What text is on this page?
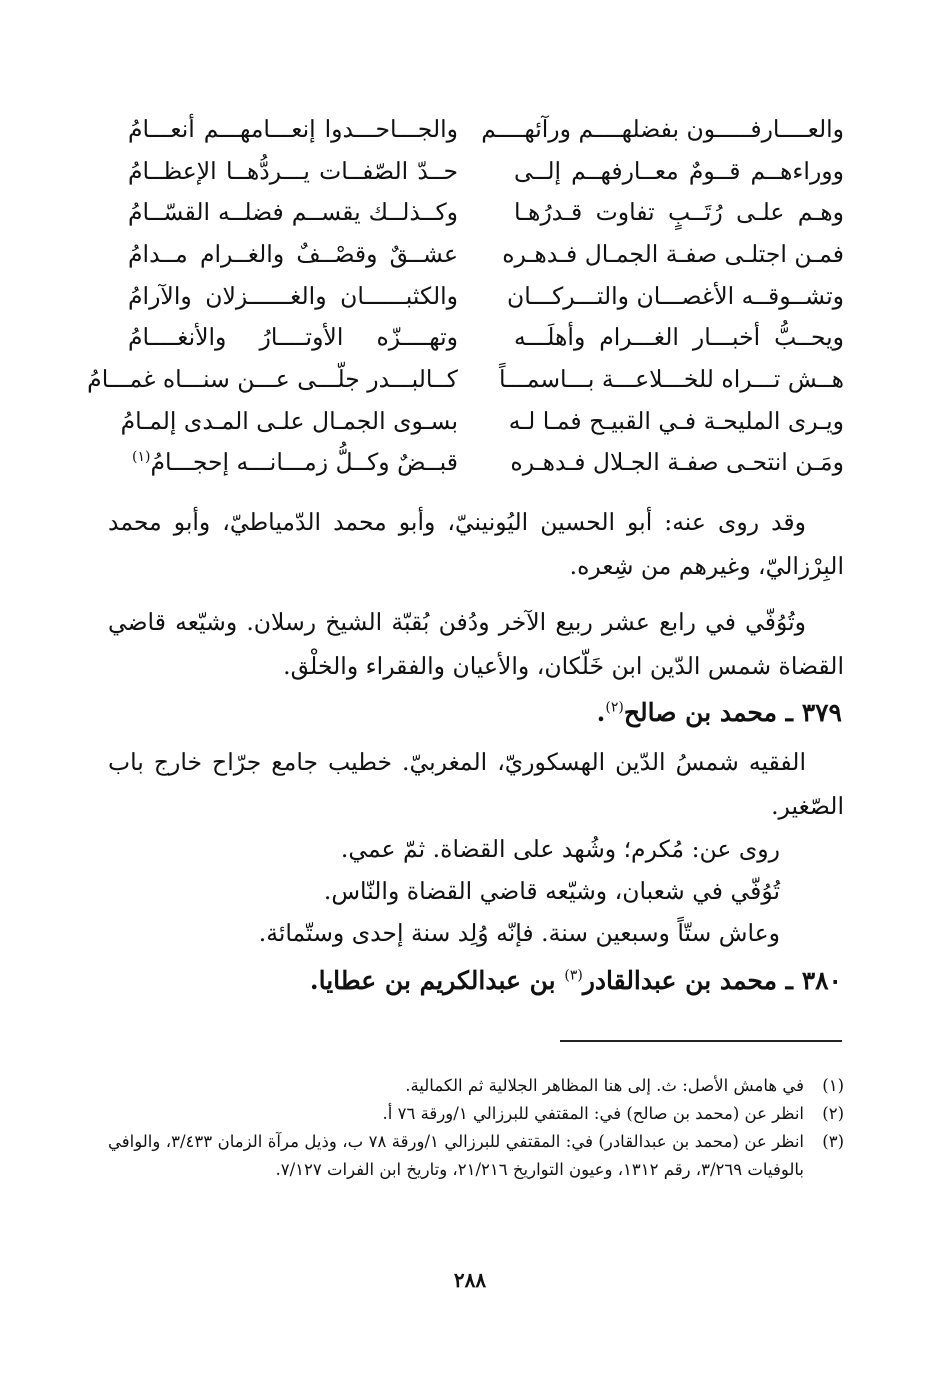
والعــــارفـــــون بفضلهــــم ورآئهــــم
والجـــاحـــدوا إنعـــامهـــم أنعـــامُ
ووراءهــم قــومٌ معــارفهــم إلــى
حــدّ الصّفــات يـــردُّهــا الإعظــامُ
وهـم علـى رُتَــبٍ تفاوت قـدرُهـا
وكــذلــك يقســم فضلــه القسّــامُ
فمـن اجتلـى صفـة الجمـال فـدهـره
عشــقٌ وقصْــفٌ والغــرام مــدامُ
وتشــوقــه الأغصـــان والتـــركـــان
والكثبــــــان والغــــــزلان والآرامُ
ويحــبُّ أخبـــار الغـــرام وأهلَـــه
وتهــــزّه الأوتــــارُ والأنغــــامُ
هــش تـــراه للخـــلاعـــة بـــاسمـــاً
كــالبـــدر جلّـــى عـــن سنـــاه غمـــامُ
ويـرى المليحـة فـي القبيـح فمـا لـه
بسـوى الجمـال علـى المـدى إلمـامُ
ومَـن انتحـى صفـة الجـلال فـدهـره
قبــضٌ وكــلُّ زمـــانـــه إحجـــامُ$^{(١)}$
وقد روى عنه: أبو الحسين اليُونينيّ، وأبو محمد الدّمياطيّ، وأبو محمد البِرْزاليّ، وغيرهم من شِعره.
وتُوُفّي في رابع عشر ربيع الآخر ودُفن بُقبّة الشيخ رسلان. وشيّعه قاضي القضاة شمس الدّين ابن خَلّكان، والأعيان والفقراء والخلْق.
٣٧٩ ـ محمد بن صالح$^{(٢)}$.
الفقيه شمسُ الدّين الهسكوريّ، المغربيّ. خطيب جامع جرّاح خارج باب الصّغير.
روى عن: مُكرم؛ وشُهد على القضاة. ثمّ عمي.
تُوُفّي في شعبان، وشيّعه قاضي القضاة والنّاس.
وعاش ستّاً وسبعين سنة. فإنّه وُلِد سنة إحدى وستّمائة.
٣٨٠ ـ محمد بن عبدالقادر$^{(٣)}$ بن عبدالكريم بن عطايا.
(١)
في هامش الأصل: ث. إلى هنا المظاهر الجلالية ثم الكمالية.
(٢)
انظر عن (محمد بن صالح) في: المقتفي للبرزالي ١/ورقة ٧٦ أ.
(٣)
انظر عن (محمد بن عبدالقادر) في: المقتفي للبرزالي ١/ورقة ٧٨ ب، وذيل مرآة الزمان ٣/٤٣٣، والوافي بالوفيات ٣/٢٦٩، رقم ١٣١٢، وعيون التواريخ ٢١/٢١٦، وتاريخ ابن الفرات ٧/١٢٧.
٢٨٨
